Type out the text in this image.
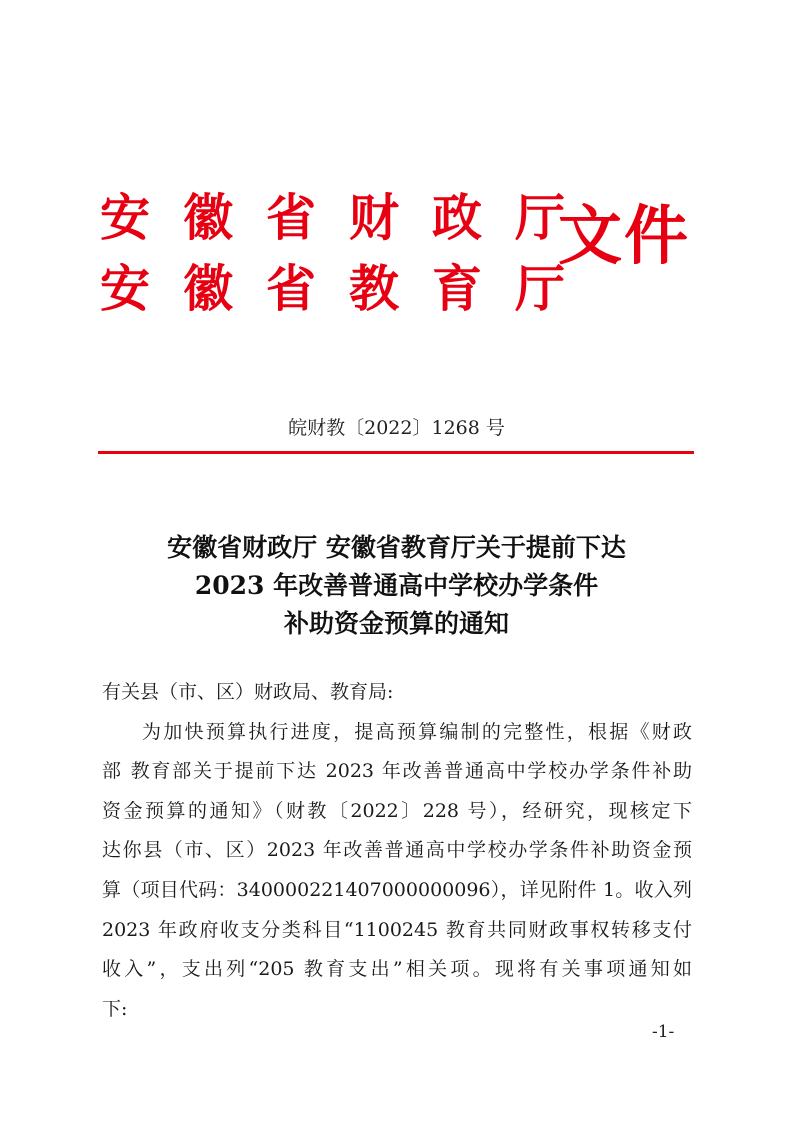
安徽省财政厅
安徽省教育厅
文件
皖财教〔2022〕1268 号
安徽省财政厅 安徽省教育厅关于提前下达
2023 年改善普通高中学校办学条件
补助资金预算的通知
有关县（市、区）财政局、教育局:
为加快预算执行进度，提高预算编制的完整性，根据《财政
部 教育部关于提前下达 2023 年改善普通高中学校办学条件补助
资金预算的通知》（财教〔2022〕228 号），经研究，现核定下
达你县（市、区）2023 年改善普通高中学校办学条件补助资金预
算（项目代码：340000221407000000096），详见附件 1。收入列
2023 年政府收支分类科目“1100245 教育共同财政事权转移支付
收入”，支出列“205 教育支出”相关项。现将有关事项通知如
下:
-1-
